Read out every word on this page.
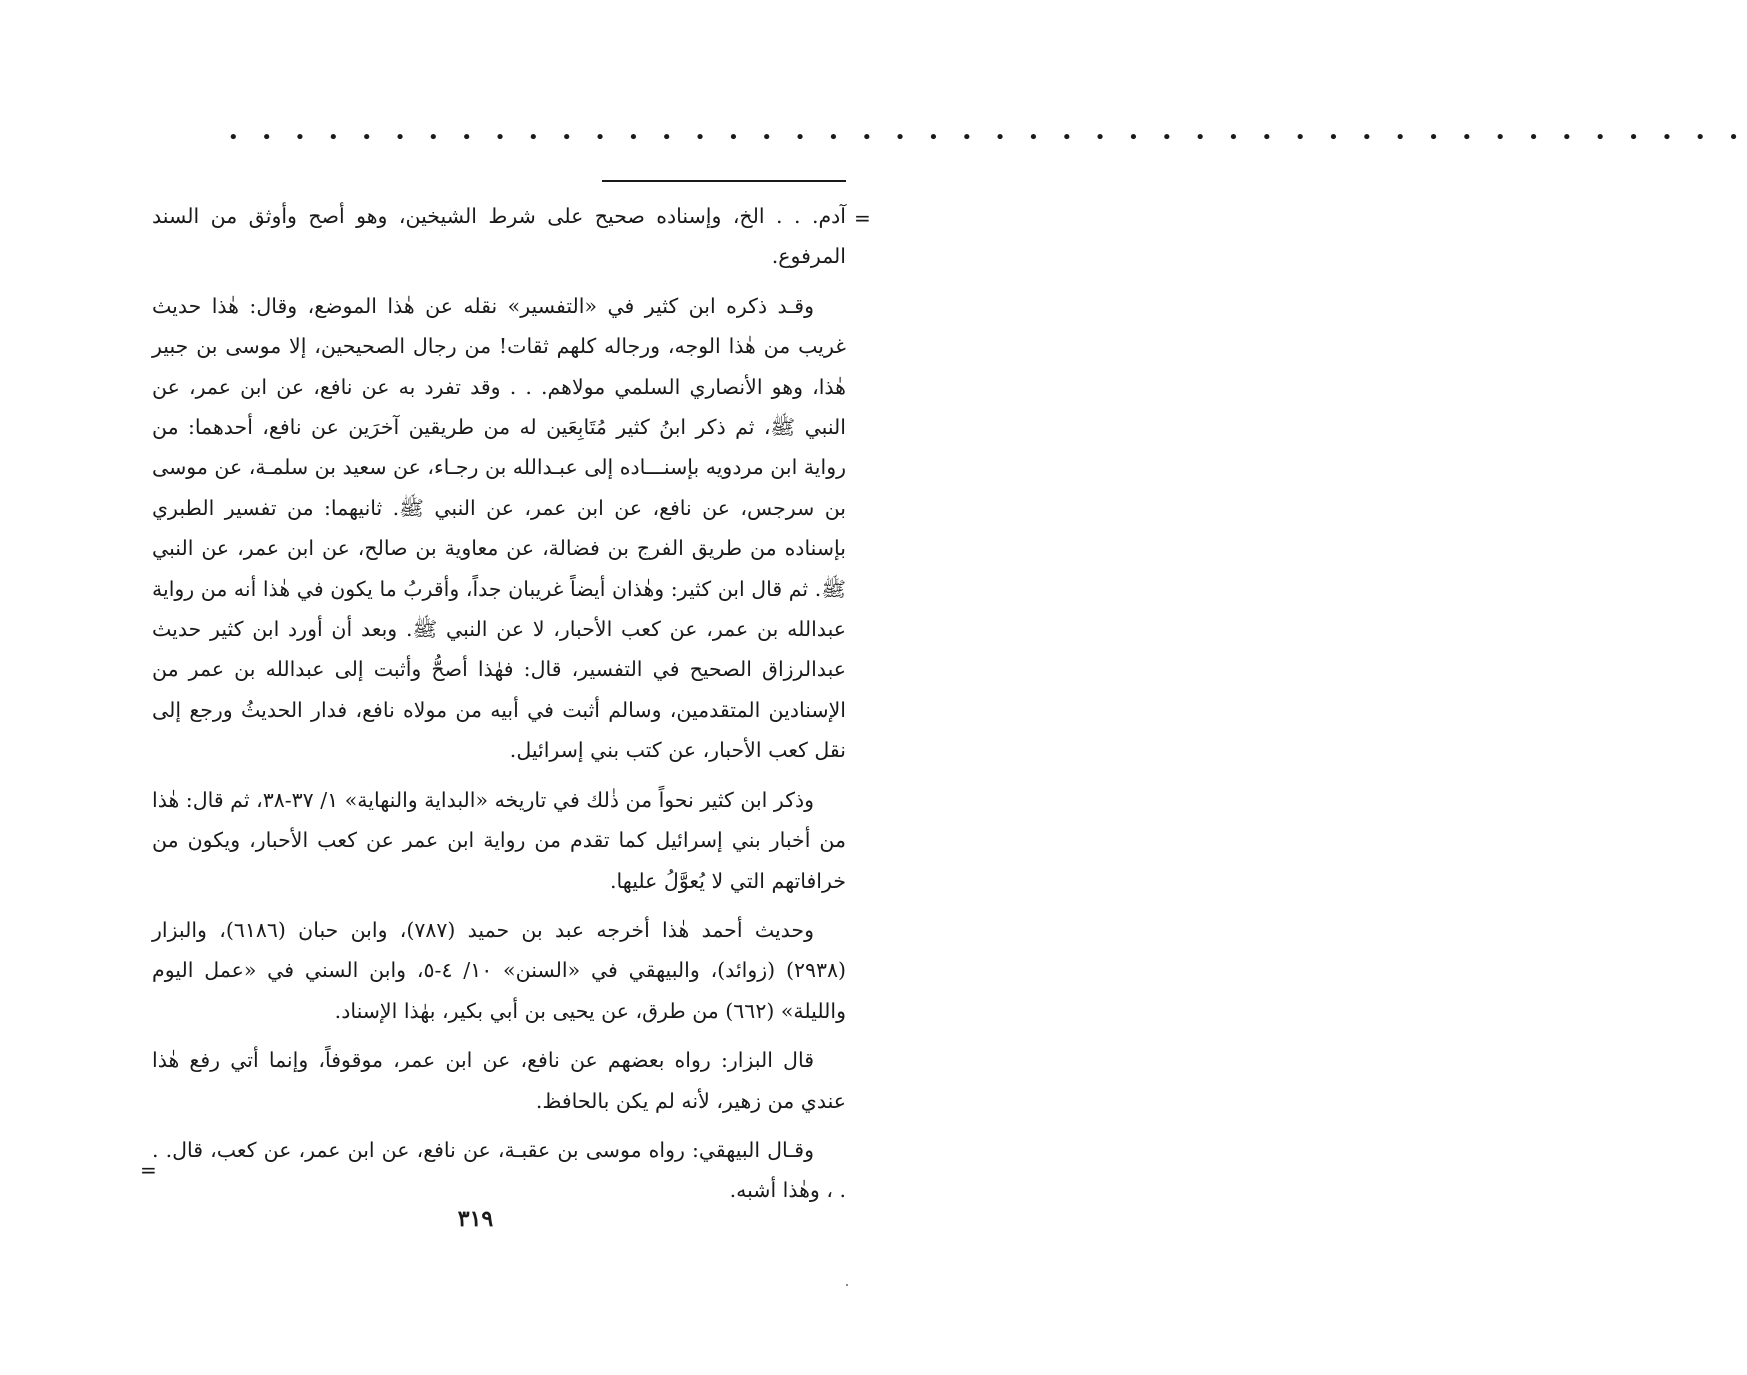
• • • • • • • • • • • • • • • • • • • • • • • • • • • • • • • • • • • • • • • • • • • • • •
=

آدم. . . الخ، وإسناده صحيح على شرط الشيخين، وهو أصح وأوثق من السند المرفوع.

وقـد ذكره ابن كثير في «التفسير» نقله عن هٰذا الموضع، وقال: هٰذا حديث غريب من هٰذا الوجه، ورجاله كلهم ثقات! من رجال الصحيحين، إلا موسى بن جبير هٰذا، وهو الأنصاري السلمي مولاهم. . . وقد تفرد به عن نافع، عن ابن عمر، عن النبي ﷺ، ثم ذكر ابنُ كثير مُتَابِعَين له من طريقين آخرَين عن نافع، أحدهما: من رواية ابن مردويه بإسنـــاده إلى عبـدالله بن رجـاء، عن سعيد بن سلمـة، عن موسى بن سرجس، عن نافع، عن ابن عمر، عن النبي ﷺ. ثانيهما: من تفسير الطبري بإسناده من طريق الفرج بن فضالة، عن معاوية بن صالح، عن ابن عمر، عن النبي ﷺ. ثم قال ابن كثير: وهٰذان أيضاً غريبان جداً، وأقربُ ما يكون في هٰذا أنه من رواية عبدالله بن عمر، عن كعب الأحبار، لا عن النبي ﷺ. وبعد أن أورد ابن كثير حديث عبدالرزاق الصحيح في التفسير، قال: فهٰذا أصحُّ وأثبت إلى عبدالله بن عمر من الإسنادين المتقدمين، وسالم أثبت في أبيه من مولاه نافع، فدار الحديثُ ورجع إلى نقل كعب الأحبار، عن كتب بني إسرائيل.

وذكر ابن كثير نحواً من ذٰلك في تاريخه «البداية والنهاية» ١/ ٣٧-٣٨، ثم قال: هٰذا من أخبار بني إسرائيل كما تقدم من رواية ابن عمر عن كعب الأحبار، ويكون من خرافاتهم التي لا يُعوَّلُ عليها.

وحديث أحمد هٰذا أخرجه عبد بن حميد (٧٨٧)، وابن حبان (٦١٨٦)، والبزار (٢٩٣٨) (زوائد)، والبيهقي في «السنن» ١٠/ ٤-٥، وابن السني في «عمل اليوم والليلة» (٦٦٢) من طرق، عن يحيى بن أبي بكير، بهٰذا الإسناد.

قال البزار: رواه بعضهم عن نافع، عن ابن عمر، موقوفاً، وإنما أتي رفع هٰذا عندي من زهير، لأنه لم يكن بالحافظ.

وقـال البيهقي: رواه موسى بن عقبـة، عن نافع، عن ابن عمر، عن كعب، قال. . . ، وهٰذا أشبه.

=
٣١٩
